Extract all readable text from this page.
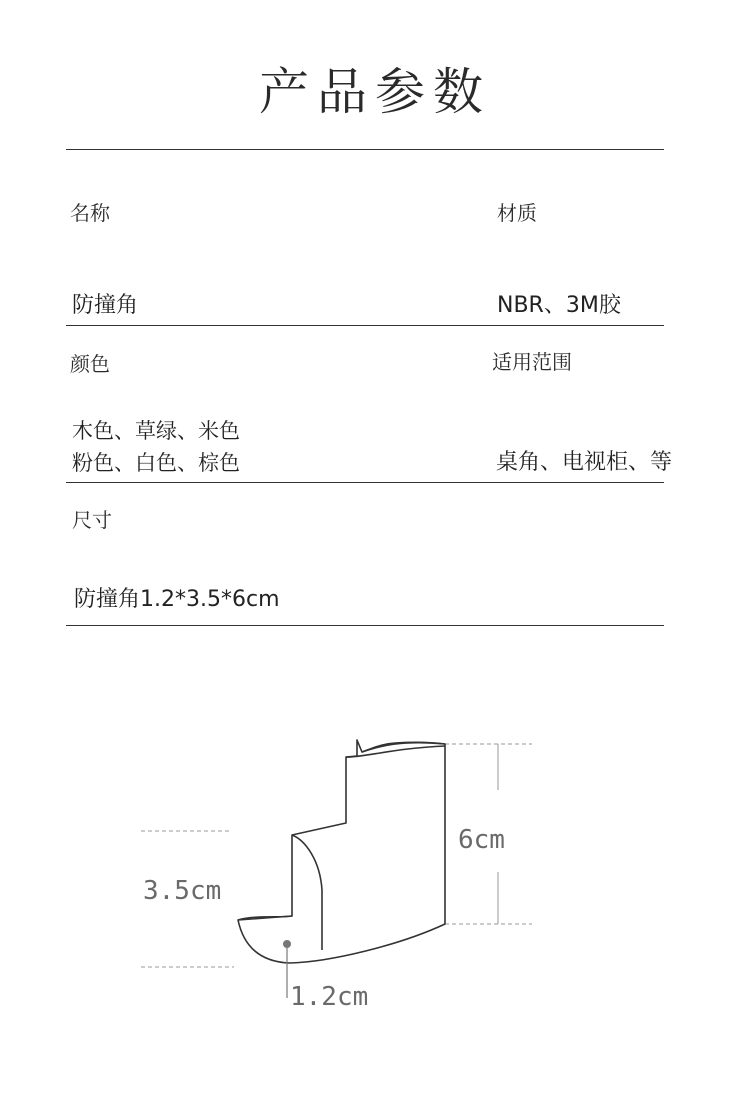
产品参数
名称	材质
防撞角	NBR、3M胶
颜色	适用范围
木色、草绿、米色
粉色、白色、棕色	桌角、电视柜、等
尺寸
防撞角1.2*3.5*6cm
6cm
3.5cm
1.2cm
